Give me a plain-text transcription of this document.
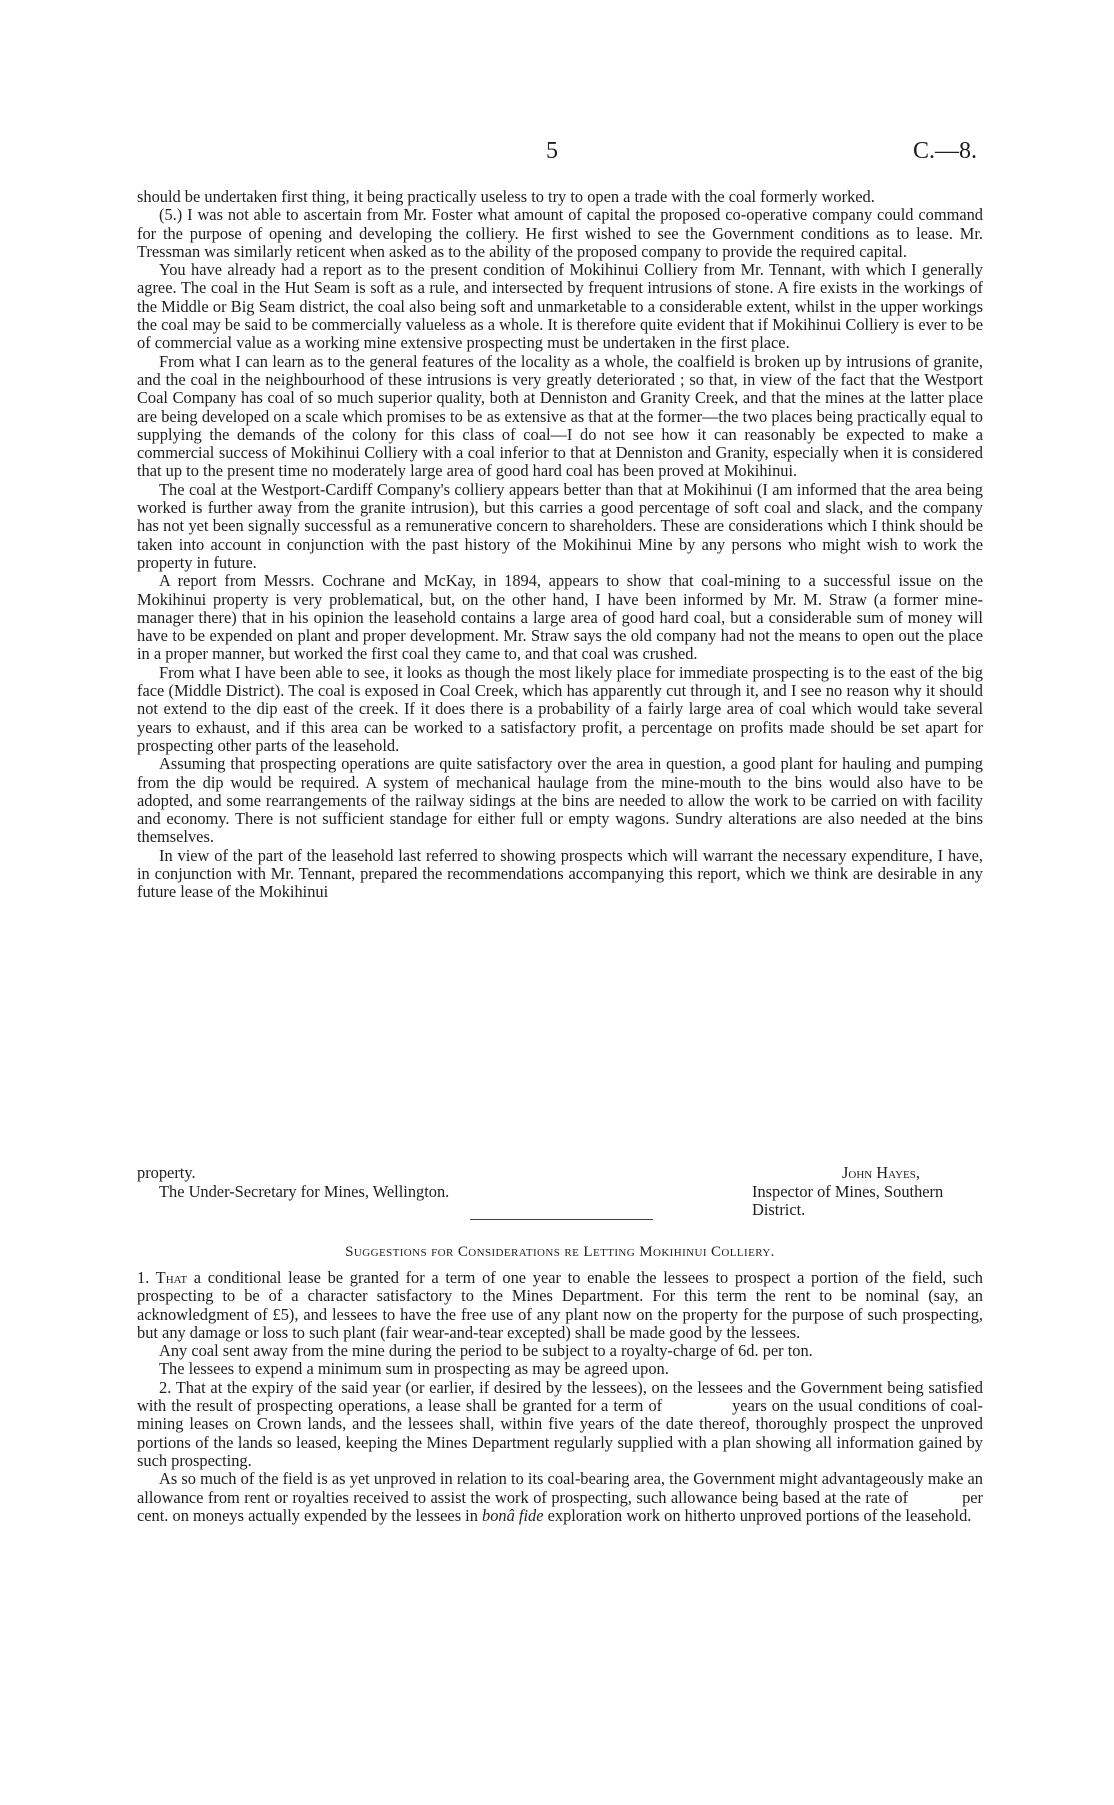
5	C.—8.

should be undertaken first thing, it being practically useless to try to open a trade with the coal formerly worked.

(5.) I was not able to ascertain from Mr. Foster what amount of capital the proposed co-operative company could command for the purpose of opening and developing the colliery. He first wished to see the Government conditions as to lease. Mr. Tressman was similarly reticent when asked as to the ability of the proposed company to provide the required capital.

You have already had a report as to the present condition of Mokihinui Colliery from Mr. Tennant, with which I generally agree. The coal in the Hut Seam is soft as a rule, and intersected by frequent intrusions of stone. A fire exists in the workings of the Middle or Big Seam district, the coal also being soft and unmarketable to a considerable extent, whilst in the upper workings the coal may be said to be commercially valueless as a whole. It is therefore quite evident that if Mokihinui Colliery is ever to be of commercial value as a working mine extensive prospecting must be undertaken in the first place.

From what I can learn as to the general features of the locality as a whole, the coalfield is broken up by intrusions of granite, and the coal in the neighbourhood of these intrusions is very greatly deteriorated ; so that, in view of the fact that the Westport Coal Company has coal of so much superior quality, both at Denniston and Granity Creek, and that the mines at the latter place are being developed on a scale which promises to be as extensive as that at the former—the two places being practically equal to supplying the demands of the colony for this class of coal—I do not see how it can reasonably be expected to make a commercial success of Mokihinui Colliery with a coal inferior to that at Denniston and Granity, especially when it is considered that up to the present time no moderately large area of good hard coal has been proved at Mokihinui.

The coal at the Westport-Cardiff Company's colliery appears better than that at Mokihinui (I am informed that the area being worked is further away from the granite intrusion), but this carries a good percentage of soft coal and slack, and the company has not yet been signally successful as a remunerative concern to shareholders. These are considerations which I think should be taken into account in conjunction with the past history of the Mokihinui Mine by any persons who might wish to work the property in future.

A report from Messrs. Cochrane and McKay, in 1894, appears to show that coal-mining to a successful issue on the Mokihinui property is very problematical, but, on the other hand, I have been informed by Mr. M. Straw (a former mine-manager there) that in his opinion the leasehold contains a large area of good hard coal, but a considerable sum of money will have to be expended on plant and proper development. Mr. Straw says the old company had not the means to open out the place in a proper manner, but worked the first coal they came to, and that coal was crushed.

From what I have been able to see, it looks as though the most likely place for immediate prospecting is to the east of the big face (Middle District). The coal is exposed in Coal Creek, which has apparently cut through it, and I see no reason why it should not extend to the dip east of the creek. If it does there is a probability of a fairly large area of coal which would take several years to exhaust, and if this area can be worked to a satisfactory profit, a percentage on profits made should be set apart for prospecting other parts of the leasehold.

Assuming that prospecting operations are quite satisfactory over the area in question, a good plant for hauling and pumping from the dip would be required. A system of mechanical haulage from the mine-mouth to the bins would also have to be adopted, and some rearrangements of the railway sidings at the bins are needed to allow the work to be carried on with facility and economy. There is not sufficient standage for either full or empty wagons. Sundry alterations are also needed at the bins themselves.

In view of the part of the leasehold last referred to showing prospects which will warrant the necessary expenditure, I have, in conjunction with Mr. Tennant, prepared the recommendations accompanying this report, which we think are desirable in any future lease of the Mokihinui

property.	John Hayes,
The Under-Secretary for Mines, Wellington.	Inspector of Mines, Southern District.
Suggestions for Considerations re Letting Mokihinui Colliery.

1. That a conditional lease be granted for a term of one year to enable the lessees to prospect a portion of the field, such prospecting to be of a character satisfactory to the Mines Department. For this term the rent to be nominal (say, an acknowledgment of £5), and lessees to have the free use of any plant now on the property for the purpose of such prospecting, but any damage or loss to such plant (fair wear-and-tear excepted) shall be made good by the lessees.

Any coal sent away from the mine during the period to be subject to a royalty-charge of 6d. per ton.

The lessees to expend a minimum sum in prospecting as may be agreed upon.

2. That at the expiry of the said year (or earlier, if desired by the lessees), on the lessees and the Government being satisfied with the result of prospecting operations, a lease shall be granted for a term of	years on the usual conditions of coal-mining leases on Crown lands, and the lessees shall, within five years of the date thereof, thoroughly prospect the unproved portions of the lands so leased, keeping the Mines Department regularly supplied with a plan showing all information gained by such prospecting.

As so much of the field is as yet unproved in relation to its coal-bearing area, the Government might advantageously make an allowance from rent or royalties received to assist the work of prospecting, such allowance being based at the rate of	per cent. on moneys actually expended by the lessees in bonâ fide exploration work on hitherto unproved portions of the leasehold.
